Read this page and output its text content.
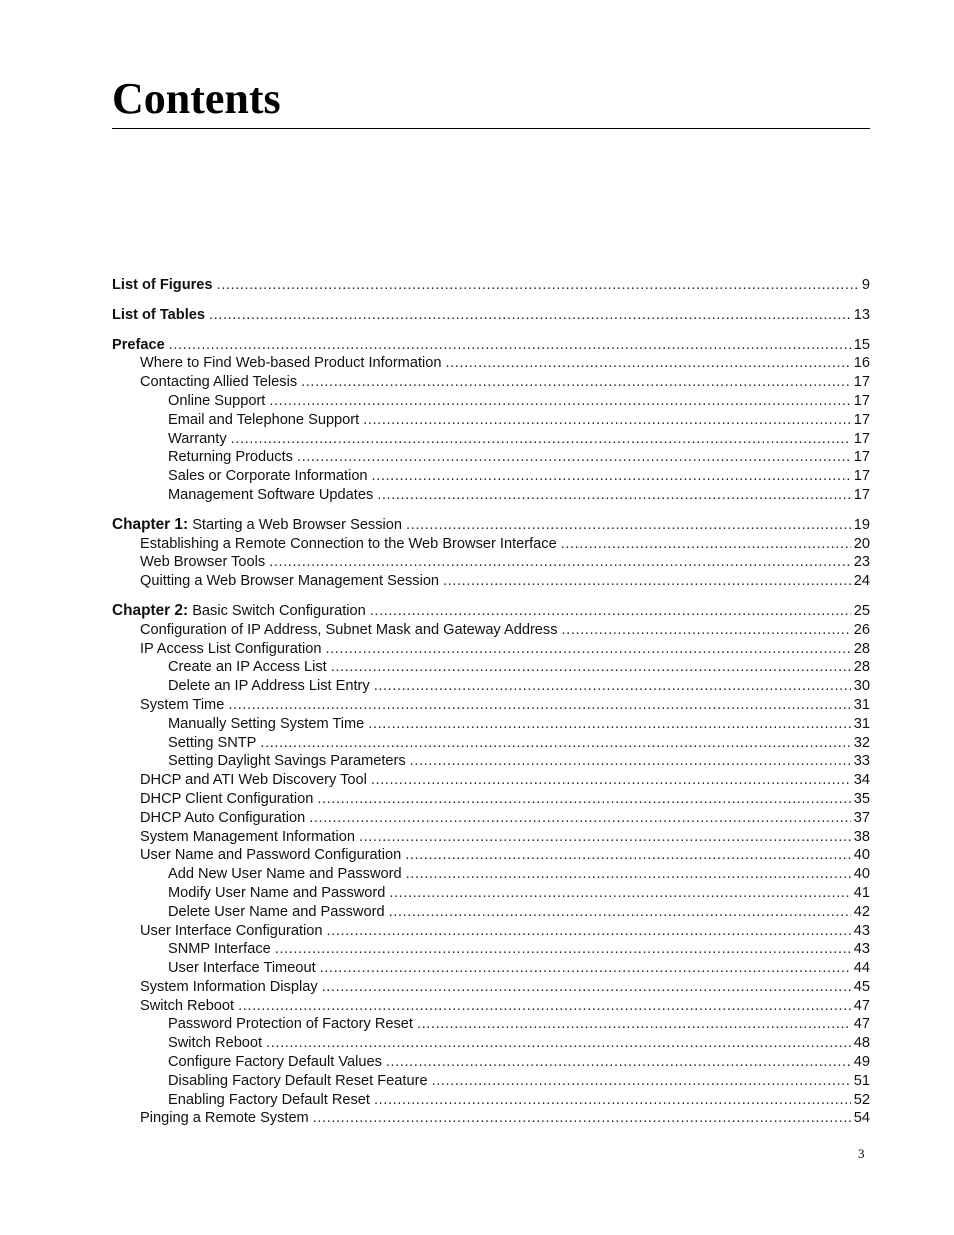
Contents
List of Figures .....	9
List of Tables .....	13
Preface .....	15
Where to Find Web-based Product Information .....	16
Contacting Allied Telesis .....	17
Online Support .....	17
Email and Telephone Support .....	17
Warranty .....	17
Returning Products .....	17
Sales or Corporate Information .....	17
Management Software Updates .....	17
Chapter 1: Starting a Web Browser Session .....	19
Establishing a Remote Connection to the Web Browser Interface .....	20
Web Browser Tools .....	23
Quitting a Web Browser Management Session .....	24
Chapter 2: Basic Switch Configuration .....	25
Configuration of IP Address, Subnet Mask and Gateway Address .....	26
IP Access List Configuration .....	28
Create an IP Access List .....	28
Delete an IP Address List Entry .....	30
System Time .....	31
Manually Setting System Time .....	31
Setting SNTP .....	32
Setting Daylight Savings Parameters .....	33
DHCP and ATI Web Discovery Tool .....	34
DHCP Client Configuration .....	35
DHCP Auto Configuration .....	37
System Management Information .....	38
User Name and Password Configuration .....	40
Add New User Name and Password .....	40
Modify User Name and Password .....	41
Delete User Name and Password .....	42
User Interface Configuration .....	43
SNMP Interface .....	43
User Interface Timeout .....	44
System Information Display .....	45
Switch Reboot .....	47
Password Protection of Factory Reset .....	47
Switch Reboot .....	48
Configure Factory Default Values .....	49
Disabling Factory Default Reset Feature .....	51
Enabling Factory Default Reset .....	52
Pinging a Remote System .....	54
3
